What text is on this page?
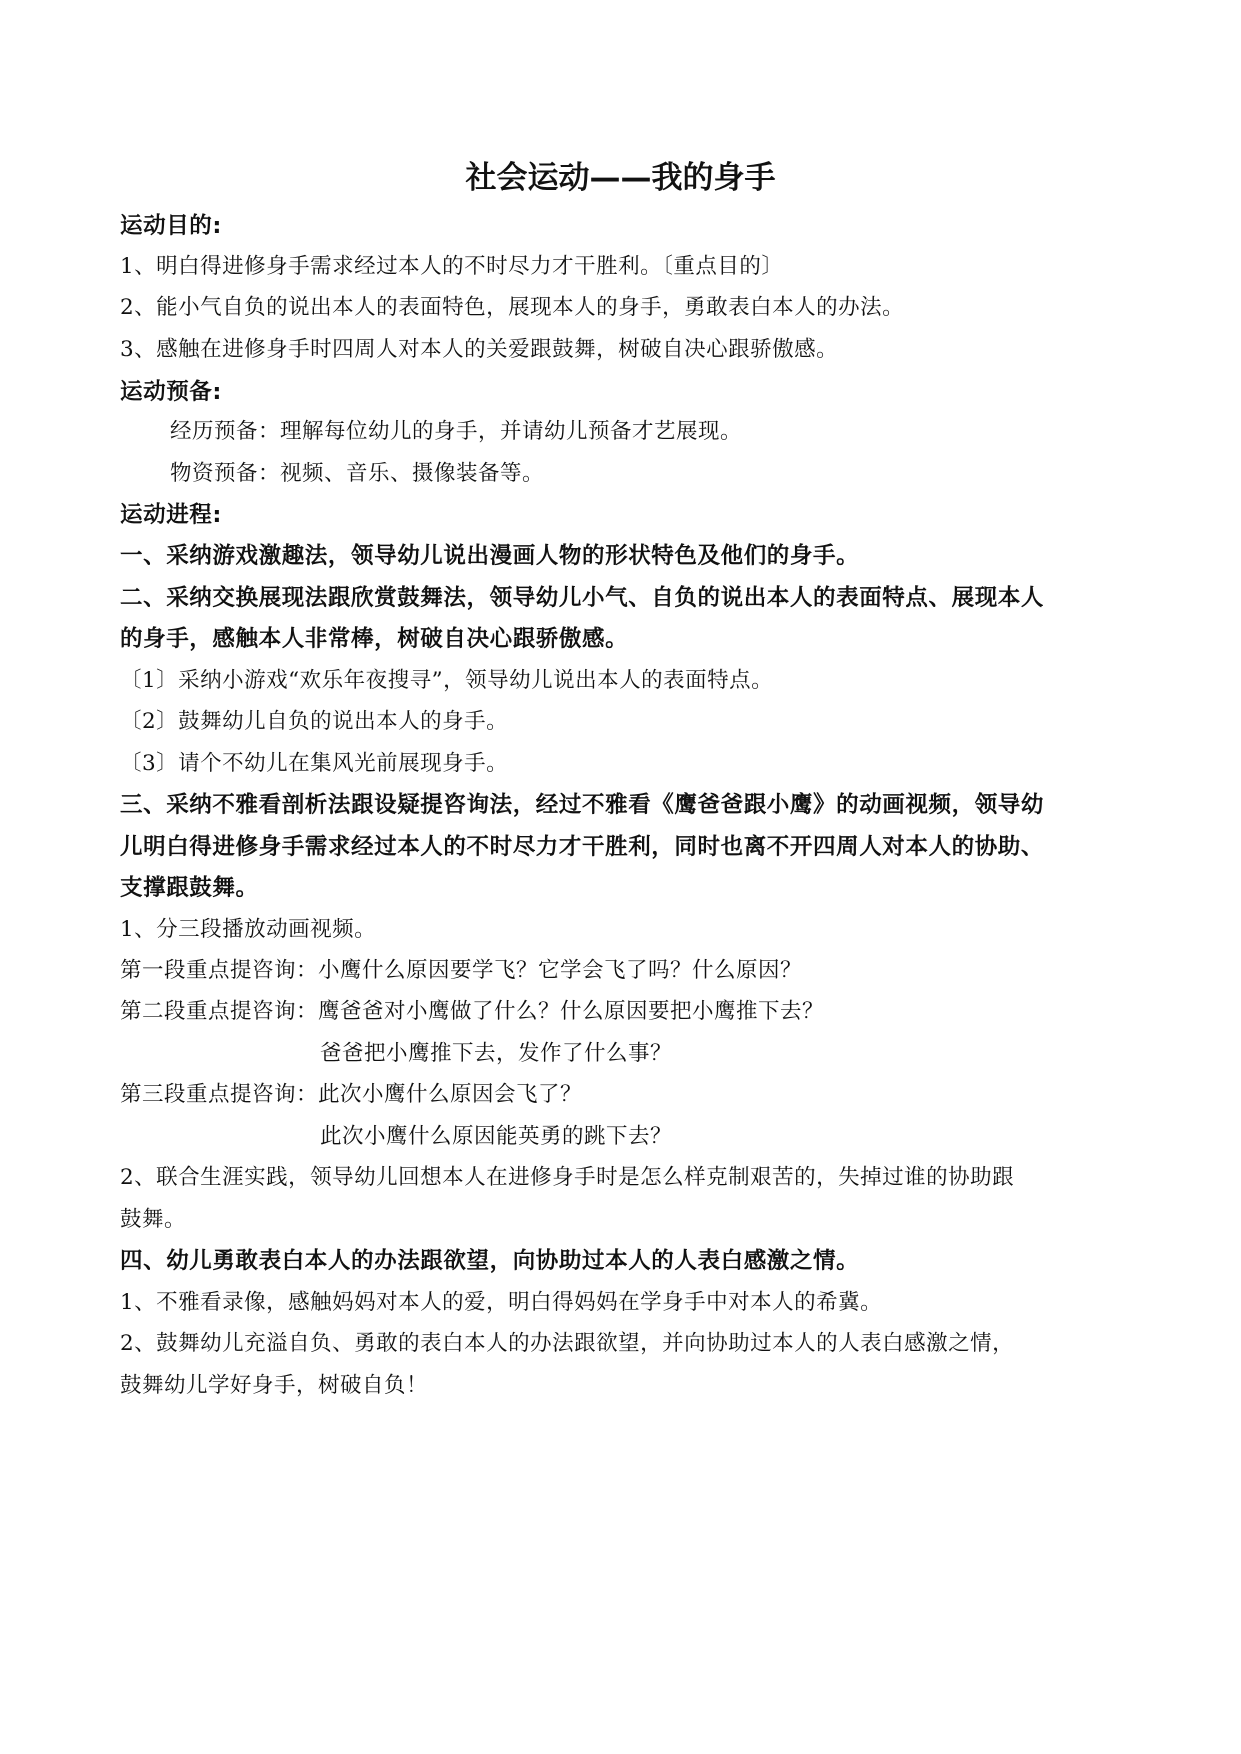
社会运动——我的身手

运动目的:

1、明白得进修身手需求经过本人的不时尽力才干胜利。〔重点目的〕

2、能小气自负的说出本人的表面特色，展现本人的身手，勇敢表白本人的办法。

3、感触在进修身手时四周人对本人的关爱跟鼓舞，树破自决心跟骄傲感。

运动预备:

经历预备：理解每位幼儿的身手，并请幼儿预备才艺展现。

物资预备：视频、音乐、摄像装备等。

运动进程:

一、采纳游戏激趣法，领导幼儿说出漫画人物的形状特色及他们的身手。

二、采纳交换展现法跟欣赏鼓舞法，领导幼儿小气、自负的说出本人的表面特点、展现本人

的身手，感触本人非常棒，树破自决心跟骄傲感。

〔1〕采纳小游戏“欢乐年夜搜寻”，领导幼儿说出本人的表面特点。

〔2〕鼓舞幼儿自负的说出本人的身手。

〔3〕请个不幼儿在集风光前展现身手。

三、采纳不雅看剖析法跟设疑提咨询法，经过不雅看《鹰爸爸跟小鹰》的动画视频，领导幼

儿明白得进修身手需求经过本人的不时尽力才干胜利，同时也离不开四周人对本人的协助、

支撑跟鼓舞。

1、分三段播放动画视频。

第一段重点提咨询：小鹰什么原因要学飞？它学会飞了吗？什么原因？

第二段重点提咨询：鹰爸爸对小鹰做了什么？什么原因要把小鹰推下去？

爸爸把小鹰推下去，发作了什么事？

第三段重点提咨询：此次小鹰什么原因会飞了？

此次小鹰什么原因能英勇的跳下去？

2、联合生涯实践，领导幼儿回想本人在进修身手时是怎么样克制艰苦的，失掉过谁的协助跟

鼓舞。

四、幼儿勇敢表白本人的办法跟欲望，向协助过本人的人表白感激之情。

1、不雅看录像，感触妈妈对本人的爱，明白得妈妈在学身手中对本人的希冀。

2、鼓舞幼儿充溢自负、勇敢的表白本人的办法跟欲望，并向协助过本人的人表白感激之情，

鼓舞幼儿学好身手，树破自负！
